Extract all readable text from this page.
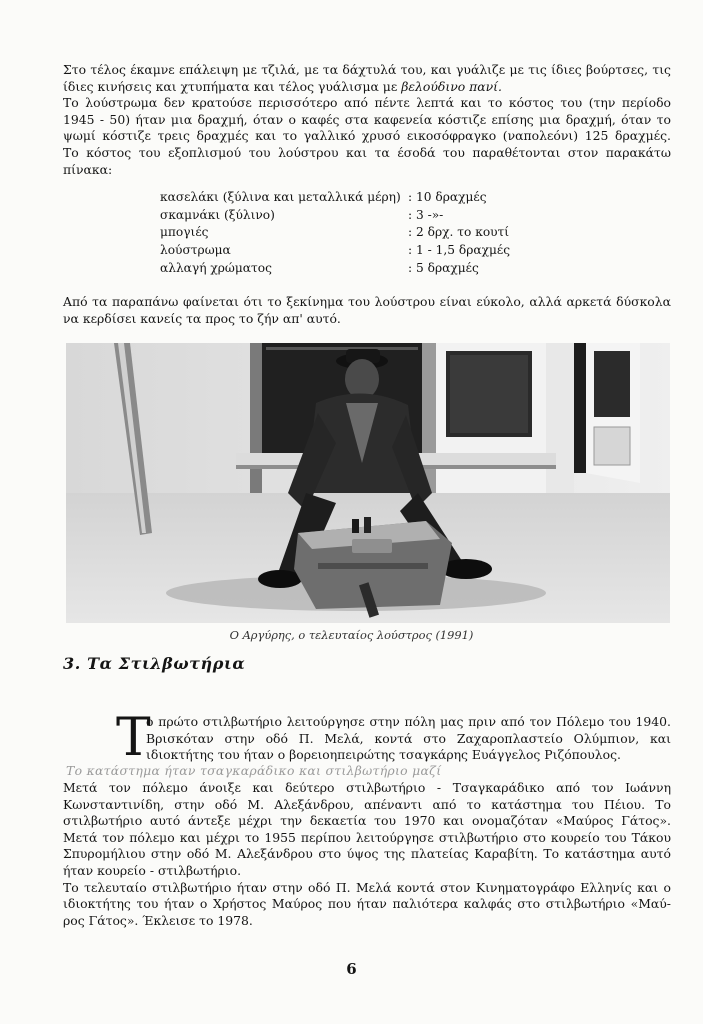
Στο τέλος έκαμνε επάλειψη με τζιλά, με τα δάχτυλά του, και γυάλιζε με τις ίδιες βούρτσες, τις
ίδιες κινήσεις και χτυπήματα και τέλος γυάλισμα με βελούδινο πανί.
Το λούστρωμα δεν κρατούσε περισσότερο από πέντε λεπτά και το κόστος του (την περίοδο
1945 - 50) ήταν μια δραχμή, όταν ο καφές στα καφενεία κόστιζε επίσης μια δραχμή, όταν το
ψωμί κόστιζε τρεις δραχμές και το γαλλικό χρυσό εικοσόφραγκο (ναπολεόνι) 125 δραχμές.
Το κόστος του εξοπλισμού του λούστρου και τα έσοδά του παραθέτονται στον παρακάτω
πίνακα:
κασελάκι (ξύλινα και μεταλλικά μέρη)	: 10 δραχμές
σκαμνάκι (ξύλινο)	: 3 -»-
μπογιές	: 2 δρχ. το κουτί
λούστρωμα	: 1 - 1,5 δραχμές
αλλαγή χρώματος	: 5 δραχμές
Από τα παραπάνω φαίνεται ότι το ξεκίνημα του λούστρου είναι εύκολο, αλλά αρκετά δύσκολα
να κερδίσει κανείς τα προς το ζήν απ' αυτό.
Ο Αργύρης, ο τελευταίος λούστρος (1991)
3. Τα Στιλβωτήρια
Τ
ο πρώτο στιλβωτήριο λειτούργησε στην πόλη μας πριν από τον Πόλεμο του 1940.
Βρισκόταν στην οδό Π. Μελά, κοντά στο Ζαχαροπλαστείο Ολύμπιον, και
ιδιοκτήτης του ήταν ο βορειοηπειρώτης τσαγκάρης Ευάγγελος Ριζόπουλος.
Το κατάστημα ήταν τσαγκαράδικο και στιλβωτήριο μαζί
Μετά τον πόλεμο άνοιξε και δεύτερο στιλβωτήριο - Τσαγκαράδικο από τον Ιωάννη
Κωνσταντινίδη, στην οδό Μ. Αλεξάνδρου, απέναντι από το κατάστημα του Πέιου. Το
στιλβωτήριο αυτό άντεξε μέχρι την δεκαετία του 1970 και ονομαζόταν «Μαύρος Γάτος».
Μετά τον πόλεμο και μέχρι το 1955 περίπου λειτούργησε στιλβωτήριο στο κουρείο του Τάκου
Σπυρομήλιου στην οδό Μ. Αλεξάνδρου στο ύψος της πλατείας Καραβίτη. Το κατάστημα αυτό
ήταν κουρείο - στιλβωτήριο.
Το τελευταίο στιλβωτήριο ήταν στην οδό Π. Μελά κοντά στον Κινηματογράφο Ελληνίς και ο
ιδιοκτήτης του ήταν ο Χρήστος Μαύρος που ήταν παλιότερα καλφάς στο στιλβωτήριο «Μαύ-
ρος Γάτος». Έκλεισε το 1978.
6
